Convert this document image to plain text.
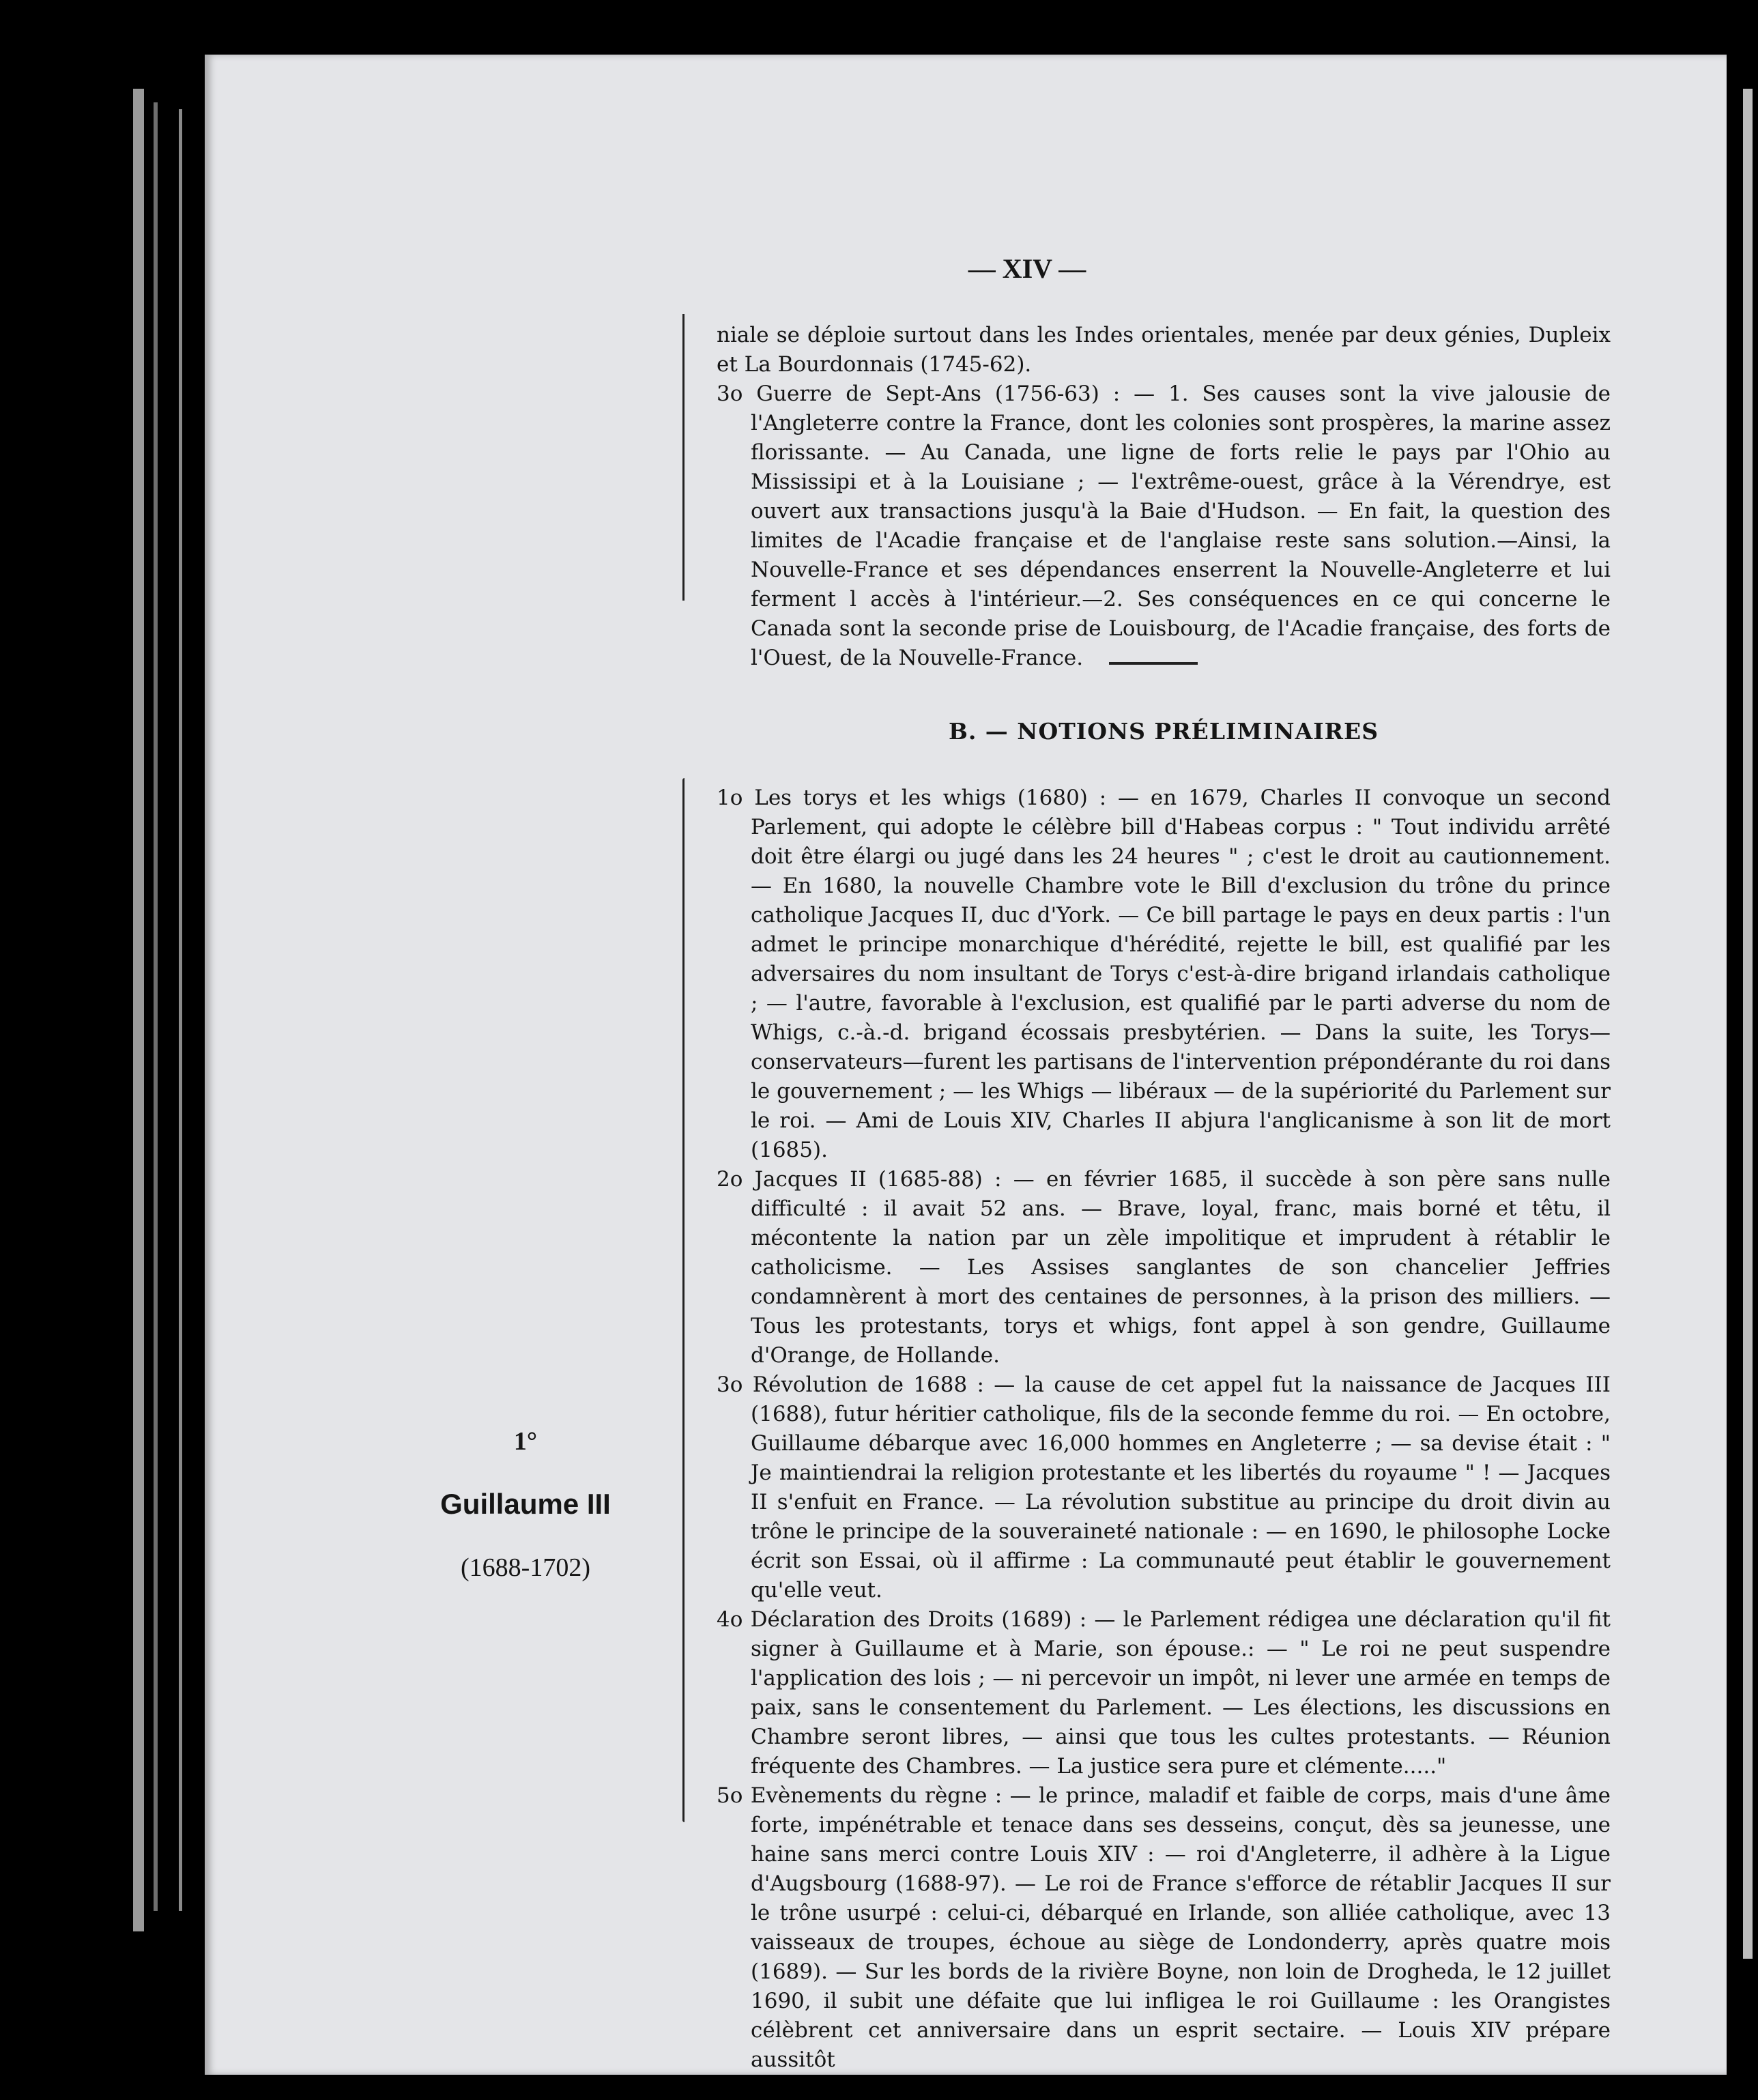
— XIV —

niale se déploie surtout dans les Indes orientales, menée par deux génies, Dupleix et La Bourdonnais (1745-62).

3o Guerre de Sept-Ans (1756-63) : — 1. Ses causes sont la vive jalousie de l'Angleterre contre la France, dont les colonies sont prospères, la marine assez florissante. — Au Canada, une ligne de forts relie le pays par l'Ohio au Mississipi et à la Louisiane ; — l'extrême-ouest, grâce à la Vérendrye, est ouvert aux transactions jusqu'à la Baie d'Hudson. — En fait, la question des limites de l'Acadie française et de l'anglaise reste sans solution.—Ainsi, la Nouvelle-France et ses dépendances enserrent la Nouvelle-Angleterre et lui ferment l accès à l'intérieur.—2. Ses conséquences en ce qui concerne le Canada sont la seconde prise de Louisbourg, de l'Acadie française, des forts de l'Ouest, de la Nouvelle-France.

B. — NOTIONS PRÉLIMINAIRES
1°
Guillaume III
(1688-1702)

1o Les torys et les whigs (1680) : — en 1679, Charles II convoque un second Parlement, qui adopte le célèbre bill d'Habeas corpus : " Tout individu arrêté doit être élargi ou jugé dans les 24 heures " ; c'est le droit au cautionnement. — En 1680, la nouvelle Chambre vote le Bill d'exclusion du trône du prince catholique Jacques II, duc d'York. — Ce bill partage le pays en deux partis : l'un admet le principe monarchique d'hérédité, rejette le bill, est qualifié par les adversaires du nom insultant de Torys c'est-à-dire brigand irlandais catholique ; — l'autre, favorable à l'exclusion, est qualifié par le parti adverse du nom de Whigs, c.-à.-d. brigand écossais presbytérien. — Dans la suite, les Torys—conservateurs—furent les partisans de l'intervention prépondérante du roi dans le gouvernement ; — les Whigs — libéraux — de la supériorité du Parlement sur le roi. — Ami de Louis XIV, Charles II abjura l'anglicanisme à son lit de mort (1685).

2o Jacques II (1685-88) : — en février 1685, il succède à son père sans nulle difficulté : il avait 52 ans. — Brave, loyal, franc, mais borné et têtu, il mécontente la nation par un zèle impolitique et imprudent à rétablir le catholicisme. — Les Assises sanglantes de son chancelier Jeffries condamnèrent à mort des centaines de personnes, à la prison des milliers. — Tous les protestants, torys et whigs, font appel à son gendre, Guillaume d'Orange, de Hollande.

3o Révolution de 1688 : — la cause de cet appel fut la naissance de Jacques III (1688), futur héritier catholique, fils de la seconde femme du roi. — En octobre, Guillaume débarque avec 16,000 hommes en Angleterre ; — sa devise était : " Je maintiendrai la religion protestante et les libertés du royaume " ! — Jacques II s'enfuit en France. — La révolution substitue au principe du droit divin au trône le principe de la souveraineté nationale : — en 1690, le philosophe Locke écrit son Essai, où il affirme : La communauté peut établir le gouvernement qu'elle veut.

4o Déclaration des Droits (1689) : — le Parlement rédigea une déclaration qu'il fit signer à Guillaume et à Marie, son épouse.: — " Le roi ne peut suspendre l'application des lois ; — ni percevoir un impôt, ni lever une armée en temps de paix, sans le consentement du Parlement. — Les élections, les discussions en Chambre seront libres, — ainsi que tous les cultes protestants. — Réunion fréquente des Chambres. — La justice sera pure et clémente....."

5o Evènements du règne : — le prince, maladif et faible de corps, mais d'une âme forte, impénétrable et tenace dans ses desseins, conçut, dès sa jeunesse, une haine sans merci contre Louis XIV : — roi d'Angleterre, il adhère à la Ligue d'Augsbourg (1688-97). — Le roi de France s'efforce de rétablir Jacques II sur le trône usurpé : celui-ci, débarqué en Irlande, son alliée catholique, avec 13 vaisseaux de troupes, échoue au siège de Londonderry, après quatre mois (1689). — Sur les bords de la rivière Boyne, non loin de Drogheda, le 12 juillet 1690, il subit une défaite que lui infligea le roi Guillaume : les Orangistes célèbrent cet anniversaire dans un esprit sectaire. — Louis XIV prépare aussitôt
